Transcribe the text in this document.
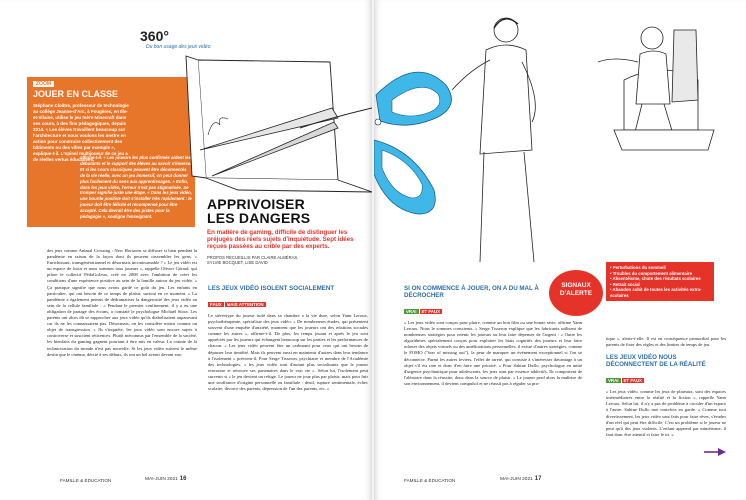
360°
Du bon usage des jeux vidéo
ZOOM
JOUER EN CLASSE
Stéphane Cloâtre, professeur de technologie au collège Jeanne-d'Arc, à Fougères, en Ille-et-Vilaine, utilise le jeu mère Minecraft dans ses cours, à des fins pédagogiques, depuis 2014. « Les élèves travaillent beaucoup sur l'architecture et nous voulons les mettre en action pour construire collectivement des bâtiments ou des villes par exemple », explique-t-il. L'opinel multijoueur de ce jeu a de réelles vertus éducatives,
affirme-t-il. « Les joueurs les plus confirmés aident les débutants et le support des élèves au savoir s'inverse. Et si les cours classiques peuvent être déconnectés de la vie réelle, avec un jeu immersif, on peut donner plus facilement du sens aux apprentissages. » Enfin, dans les jeux vidéo, l'erreur n'est pas stigmatisée. Se tromper signifie juste une étape. « Dans les jeux vidéo, une bourde positive doit s'installer très rapidement : le joueur doit être félicité et récompensé pour être accepté. Cela devrait être des pistes pour la pédagogie », souligne l'enseignant.
APPRIVOISER
LES DANGERS
En matière de gaming, difficile de distinguer les préjugés des réels sujets d'inquiétude. Sept idées reçues passées au crible par des experts.
PROPOS RECUEILLIS PAR CLAIRE ALMÉRAS,
SYLVIE BOCQUET, LISE DAVID

des jeux comme Animal Crossing : New Horizons se diffuser si bien pendant la pandémie en raison de la façon dont ils peuvent rassembler les gens. » Enrichissant, transgénérationnel et désormais incontournable ? « Le jeu vidéo est un espace de loisir et nous sommes tous joueurs », rappelle Olivier Gérard, qui pilote le collectif PédaGoJeux, créé en 2008 avec l'ambition de créer les conditions d'une expérience positive au sein de la famille autour du jeu vidéo. « Ça pratique signifie que nous avons gardé ce goût du jeu. Les enfants en particulier, qui ont besoin de ce temps de plaisir, surtout en ce moment. » La pandémie a également permis de dédramatiser la dangerosité des jeux vidéo au sein de la cellule familiale : « Pendant le premier confinement, il y a eu une obligation de partage des écrans, a constaté le psychologue Michaël Stora. Les parents ont alors dû se rapprocher aux jeux vidéo qu'ils diabolisaient auparavant car ils ne les connaissaient pas. Désormais, on les considère moins comme un objet de transgression. » Ils s'inquiète, les jeux vidéo sont encore sujets à controverse et suscitent réticences. Plutôt méconnus par l'ensemble de la société, les bienfaits du gaming gagnent pourtant à être mis en valeur. La crainte de la technicisation du monde n'est pas nouvelle. Si les jeux vidéo suivent le même destin que le cinéma, décrié à ses débuts, ils ont un bel avenir devant eux.

LES JEUX VIDÉO ISOLENT SOCIALEMENT

FAUX MAIS ATTENTION

Le stéréotype du joueur isolé dans sa chambre a la vie dure, selon Yann Leroux, psychothérapeute, spécialiste des jeux vidéo. « De nombreuses études, qui présentent souvent d'une enquête d'anxiété, montrent que les joueurs ont des relations sociales comme les autres », affirme-t-il. De plus, les temps jouant et après le jeu sont appréciés par les joueurs qui échangent beaucoup sur les parties et les performances de chacun. « Les jeux vidéo peuvent être un carburant pour ceux qui ont besoin de dépasser leur timidité. Mais ils peuvent aussi en maintenir d'autres dans leur tendance à l'isolement » prévient-il. Pour Serge Tisseron, psychiatre et membre de l'Académie des technologies, « les jeux vidéo sont d'autant plus socialisants que le joueur rencontre et retrouve ses partenaires dans le vrai vie ». Selon lui, l'isolement peut survenir si « le jeu devient un refuge. Le joueur ne joue plus par plaisir, mais pour fuir une souffrance d'origine personnelle ou familiale : deuil, rupture sentimentale, échec scolaire, divorce des parents, dépression de l'un des parents, etc. »

FAMILLE & ÉDUCATION	MAI-JUIN 2021 16

SI ON COMMENCE À JOUER, ON A DU MAL À DÉCROCHER

VRAI ET FAUX

« Les jeux vidéo sont conçus pour plaire, comme un bon film ou une bonne série, affirme Yann Leroux. Nous le sommes conscients. » Serge Tisseron explique que les fabricants utilisent de nombreuses stratégies pour retenir les joueurs ou leur faire dépenser de l'argent : « Outre les algorithmes spécialement conçus pour exploiter les biais cognitifs des joueurs et leur faire acheter des objets virtuels ou des améliorations personnelles, il existe d'autres stratégies, comme le FOMO ("fear of missing out"), la peur de manquer un événement exceptionnel si l'on se déconnecte. Parmi les autres leviers, l'effet de rareté, qui consiste à s'intéresser davantage à un objet s'il est rare et donc d'en faire une priorité. » Pour Sabine Duflo, psychologue en unité d'urgence psychiatrique pour adolescents, les jeux sont par essence addictifs. Ils comportent de l'aléatoire dans la réussite, donc dans la source de plaisir. « Le joueur perd alors la maîtrise de son environnement, il devient compulsif et ne réussit pas à réguler sa pra-

SIGNAUX
D'ALERTE
• Perturbations du sommeil
• Troubles du comportement alimentaire
• Absentéisme, chute des résultats scolaires
• Retrait social
• Abandon subit de toutes les activités extra-scolaires

tique », alerte-t-elle. Il est en conséquence primordial pour les parents de fixer des règles et des limites de temps de jeu.

LES JEUX VIDÉO NOUS DÉCONNECTENT DE LA RÉALITÉ

VRAI ET FAUX

« Les jeux vidéo, comme les jeux de plateaux, sont des espaces intermédiaires entre la réalité et la fiction », rappelle Yann Leroux. Selon lui, il n'y a pas de problème à circuler d'un espace à l'autre. Sabine Duflo met toutefois en garde. « Comme tout divertissement, les jeux vidéo sont faits pour faire rêver, s'évader d'un réel qui peut être difficile. C'est un problème si le joueur ne peut qu'à des jeux violents. L'enfant apprend par mimétisme, il faut donc être attentif et faire le tri. »

FAMILLE & ÉDUCATION	MAI-JUIN 2021 17
